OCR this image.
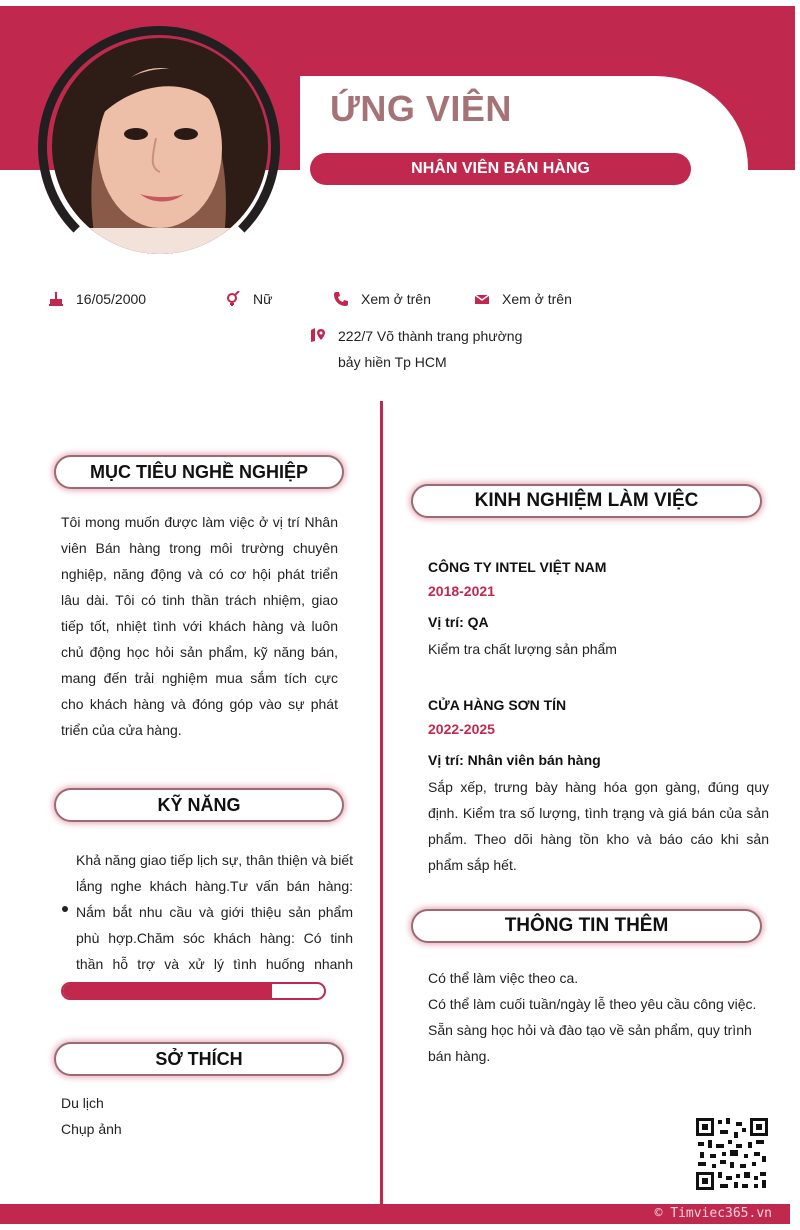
ỨNG VIÊN
NHÂN VIÊN BÁN HÀNG
16/05/2000	Nữ	Xem ở trên	Xem ở trên
222/7 Võ thành trang phường
bảy hiền Tp HCM
MỤC TIÊU NGHỀ NGHIỆP
Tôi mong muốn được làm việc ở vị trí Nhân viên Bán hàng trong môi trường chuyên nghiệp, năng động và có cơ hội phát triển lâu dài. Tôi có tinh thần trách nhiệm, giao tiếp tốt, nhiệt tình với khách hàng và luôn chủ động học hỏi sản phẩm, kỹ năng bán, mang đến trải nghiệm mua sắm tích cực cho khách hàng và đóng góp vào sự phát triển của cửa hàng.
KỸ NĂNG
Khả năng giao tiếp lịch sự, thân thiện và biết lắng nghe khách hàng.Tư vấn bán hàng: Nắm bắt nhu cầu và giới thiệu sản phẩm phù hợp.Chăm sóc khách hàng: Có tinh thần hỗ trợ và xử lý tình huống nhanh
SỞ THÍCH
Du lịch
Chụp ảnh
KINH NGHIỆM LÀM VIỆC
CÔNG TY INTEL VIỆT NAM
2018-2021
Vị trí: QA
Kiểm tra chất lượng sản phẩm
CỬA HÀNG SƠN TÍN
2022-2025
Vị trí: Nhân viên bán hàng
Sắp xếp, trưng bày hàng hóa gọn gàng, đúng quy định. Kiểm tra số lượng, tình trạng và giá bán của sản phẩm. Theo dõi hàng tồn kho và báo cáo khi sản phẩm sắp hết.
THÔNG TIN THÊM
Có thể làm việc theo ca.
Có thể làm cuối tuần/ngày lễ theo yêu cầu công việc.
Sẵn sàng học hỏi và đào tạo về sản phẩm, quy trình bán hàng.
© Timviec365.vn
